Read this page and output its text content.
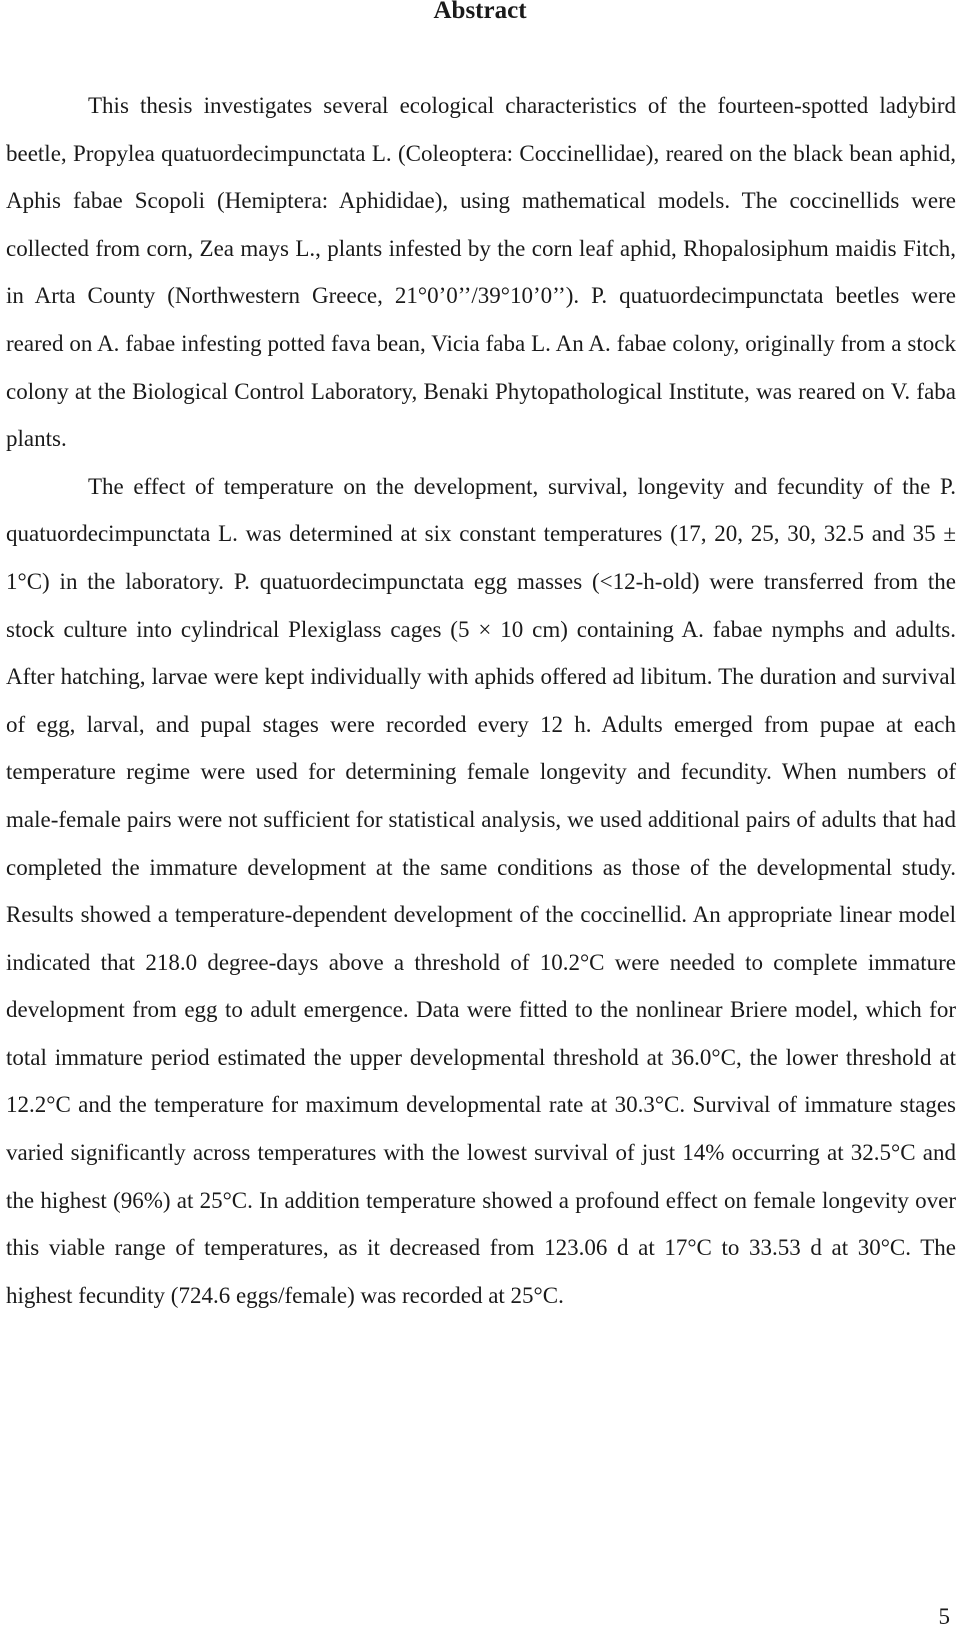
Abstract

This thesis investigates several ecological characteristics of the fourteen-spotted ladybird beetle, Propylea quatuordecimpunctata L. (Coleoptera: Coccinellidae), reared on the black bean aphid, Aphis fabae Scopoli (Hemiptera: Aphididae), using mathematical models. The coccinellids were collected from corn, Zea mays L., plants infested by the corn leaf aphid, Rhopalosiphum maidis Fitch, in Arta County (Northwestern Greece, 21°0’0’’/39°10’0’’). P. quatuordecimpunctata beetles were reared on A. fabae infesting potted fava bean, Vicia faba L. An A. fabae colony, originally from a stock colony at the Biological Control Laboratory, Benaki Phytopathological Institute, was reared on V. faba plants.

The effect of temperature on the development, survival, longevity and fecundity of the P. quatuordecimpunctata L. was determined at six constant temperatures (17, 20, 25, 30, 32.5 and 35 ± 1°C) in the laboratory. P. quatuordecimpunctata egg masses (<12-h-old) were transferred from the stock culture into cylindrical Plexiglass cages (5 × 10 cm) containing A. fabae nymphs and adults. After hatching, larvae were kept individually with aphids offered ad libitum. The duration and survival of egg, larval, and pupal stages were recorded every 12 h. Adults emerged from pupae at each temperature regime were used for determining female longevity and fecundity. When numbers of male-female pairs were not sufficient for statistical analysis, we used additional pairs of adults that had completed the immature development at the same conditions as those of the developmental study. Results showed a temperature-dependent development of the coccinellid. An appropriate linear model indicated that 218.0 degree-days above a threshold of 10.2°C were needed to complete immature development from egg to adult emergence. Data were fitted to the nonlinear Briere model, which for total immature period estimated the upper developmental threshold at 36.0°C, the lower threshold at 12.2°C and the temperature for maximum developmental rate at 30.3°C. Survival of immature stages varied significantly across temperatures with the lowest survival of just 14% occurring at 32.5°C and the highest (96%) at 25°C. In addition temperature showed a profound effect on female longevity over this viable range of temperatures, as it decreased from 123.06 d at 17°C to 33.53 d at 30°C. The highest fecundity (724.6 eggs/female) was recorded at 25°C.

5
